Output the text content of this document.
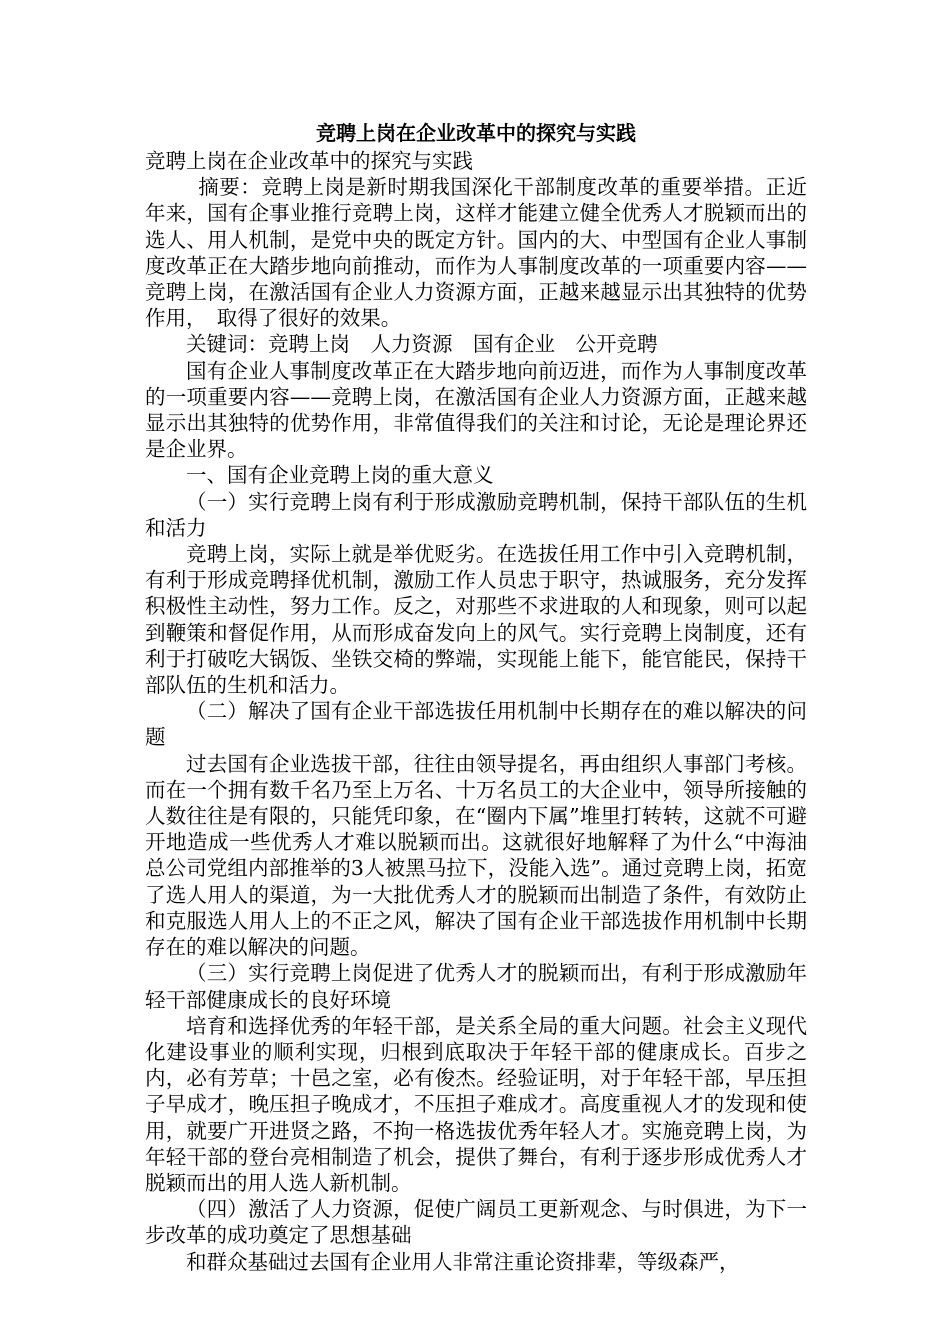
竞聘上岗在企业改革中的探究与实践

竞聘上岗在企业改革中的探究与实践

摘要：竞聘上岗是新时期我国深化干部制度改革的重要举措。正近年来，国有企事业推行竞聘上岗，这样才能建立健全优秀人才脱颖而出的选人、用人机制，是党中央的既定方针。国内的大、中型国有企业人事制度改革正在大踏步地向前推动，而作为人事制度改革的一项重要内容——竞聘上岗，在激活国有企业人力资源方面，正越来越显示出其独特的优势作用，　取得了很好的效果。

关键词：竞聘上岗　人力资源　国有企业　公开竞聘

国有企业人事制度改革正在大踏步地向前迈进，而作为人事制度改革的一项重要内容——竞聘上岗，在激活国有企业人力资源方面，正越来越显示出其独特的优势作用，非常值得我们的关注和讨论，无论是理论界还是企业界。

一、国有企业竞聘上岗的重大意义

（一）实行竞聘上岗有利于形成激励竞聘机制，保持干部队伍的生机和活力

竞聘上岗，实际上就是举优贬劣。在选拔任用工作中引入竞聘机制，有利于形成竞聘择优机制，激励工作人员忠于职守，热诚服务，充分发挥积极性主动性，努力工作。反之，对那些不求进取的人和现象，则可以起到鞭策和督促作用，从而形成奋发向上的风气。实行竞聘上岗制度，还有利于打破吃大锅饭、坐铁交椅的弊端，实现能上能下，能官能民，保持干部队伍的生机和活力。

（二）解决了国有企业干部选拔任用机制中长期存在的难以解决的问题

过去国有企业选拔干部，往往由领导提名，再由组织人事部门考核。而在一个拥有数千名乃至上万名、十万名员工的大企业中，领导所接触的人数往往是有限的，只能凭印象，在“圈内下属”堆里打转转，这就不可避开地造成一些优秀人才难以脱颖而出。这就很好地解释了为什么“中海油总公司党组内部推举的3人被黑马拉下，没能入选”。通过竞聘上岗，拓宽了选人用人的渠道，为一大批优秀人才的脱颖而出制造了条件，有效防止和克服选人用人上的不正之风，解决了国有企业干部选拔作用机制中长期存在的难以解决的问题。

（三）实行竞聘上岗促进了优秀人才的脱颖而出，有利于形成激励年轻干部健康成长的良好环境

培育和选择优秀的年轻干部，是关系全局的重大问题。社会主义现代化建设事业的顺利实现，归根到底取决于年轻干部的健康成长。百步之内，必有芳草；十邑之室，必有俊杰。经验证明，对于年轻干部，早压担子早成才，晚压担子晚成才，不压担子难成才。高度重视人才的发现和使用，就要广开进贤之路，不拘一格选拔优秀年轻人才。实施竞聘上岗，为年轻干部的登台亮相制造了机会，提供了舞台，有利于逐步形成优秀人才脱颖而出的用人选人新机制。

（四）激活了人力资源，促使广阔员工更新观念、与时俱进，为下一步改革的成功奠定了思想基础

和群众基础过去国有企业用人非常注重论资排辈，等级森严，
